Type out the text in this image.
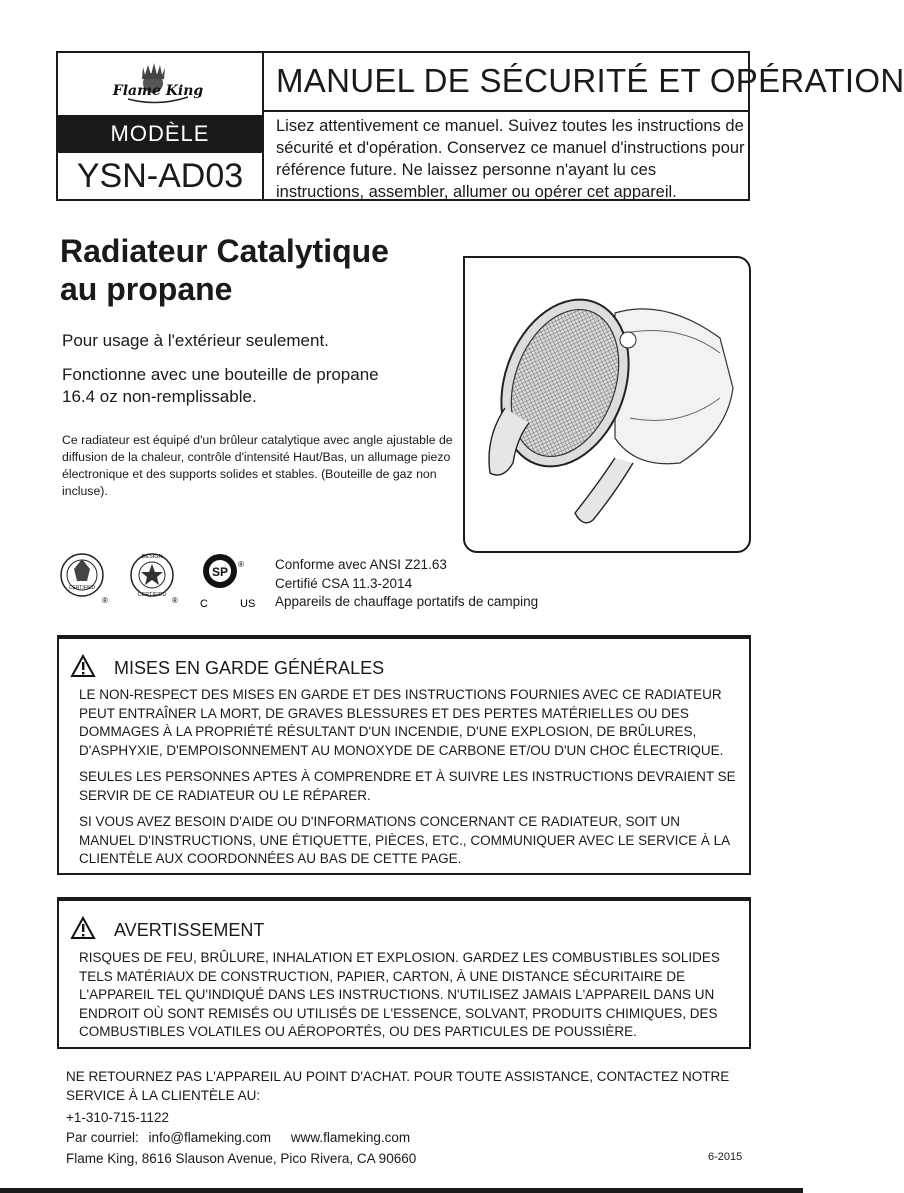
Flame King
MODÈLE
YSN-AD03
MANUEL DE SÉCURITÉ ET OPÉRATION
Lisez attentivement ce manuel. Suivez toutes les instructions de sécurité et d'opération. Conservez ce manuel d'instructions pour référence future. Ne laissez personne n'ayant lu ces instructions, assembler, allumer ou opérer cet appareil.
Radiateur Catalytique
au propane
Pour usage à l'extérieur seulement.
Fonctionne avec une bouteille de propane
16.4 oz non-remplissable.
Ce radiateur est équipé d'un brûleur catalytique avec angle ajustable de diffusion de la chaleur, contrôle d'intensité Haut/Bas, un allumage piezo électronique et des supports solides et stables. (Bouteille de gaz non incluse).
CERTIFIED
®
DESIGN
CERTIFIED
®
SP
®
C	US
Conforme avec ANSI Z21.63
Certifié CSA 11.3-2014
Appareils de chauffage portatifs de camping
MISES EN GARDE GÉNÉRALES
LE NON-RESPECT DES MISES EN GARDE ET DES INSTRUCTIONS FOURNIES AVEC CE RADIATEUR PEUT ENTRAÎNER LA MORT, DE GRAVES BLESSURES ET DES PERTES MATÉRIELLES OU DES DOMMAGES À LA PROPRIÉTÉ RÉSULTANT D'UN INCENDIE, D'UNE EXPLOSION, DE BRÛLURES, D'ASPHYXIE, D'EMPOISONNEMENT AU MONOXYDE DE CARBONE ET/OU D'UN CHOC ÉLECTRIQUE.
SEULES LES PERSONNES APTES À COMPRENDRE ET À SUIVRE LES INSTRUCTIONS DEVRAIENT SE SERVIR DE CE RADIATEUR OU LE RÉPARER.
SI VOUS AVEZ BESOIN D'AIDE OU D'INFORMATIONS CONCERNANT CE RADIATEUR, SOIT UN MANUEL D'INSTRUCTIONS, UNE ÉTIQUETTE, PIÈCES, ETC., COMMUNIQUER AVEC LE SERVICE À LA CLIENTÈLE AUX COORDONNÉES AU BAS DE CETTE PAGE.
AVERTISSEMENT
RISQUES DE FEU, BRÛLURE, INHALATION ET EXPLOSION. GARDEZ LES COMBUSTIBLES SOLIDES TELS MATÉRIAUX DE CONSTRUCTION, PAPIER, CARTON, À UNE DISTANCE SÉCURITAIRE DE L'APPAREIL TEL QU'INDIQUÉ DANS LES INSTRUCTIONS. N'UTILISEZ JAMAIS L'APPAREIL DANS UN ENDROIT OÙ SONT REMISÉS OU UTILISÉS DE L'ESSENCE, SOLVANT, PRODUITS CHIMIQUES, DES COMBUSTIBLES VOLATILES OU AÉROPORTÉS, OU DES PARTICULES DE POUSSIÈRE.
NE RETOURNEZ PAS L'APPAREIL AU POINT D'ACHAT. POUR TOUTE ASSISTANCE, CONTACTEZ NOTRE SERVICE À LA CLIENTÈLE AU:
+1-310-715-1122
Par courriel: info@flameking.com www.flameking.com
Flame King, 8616 Slauson Avenue, Pico Rivera, CA 90660	6-2015
